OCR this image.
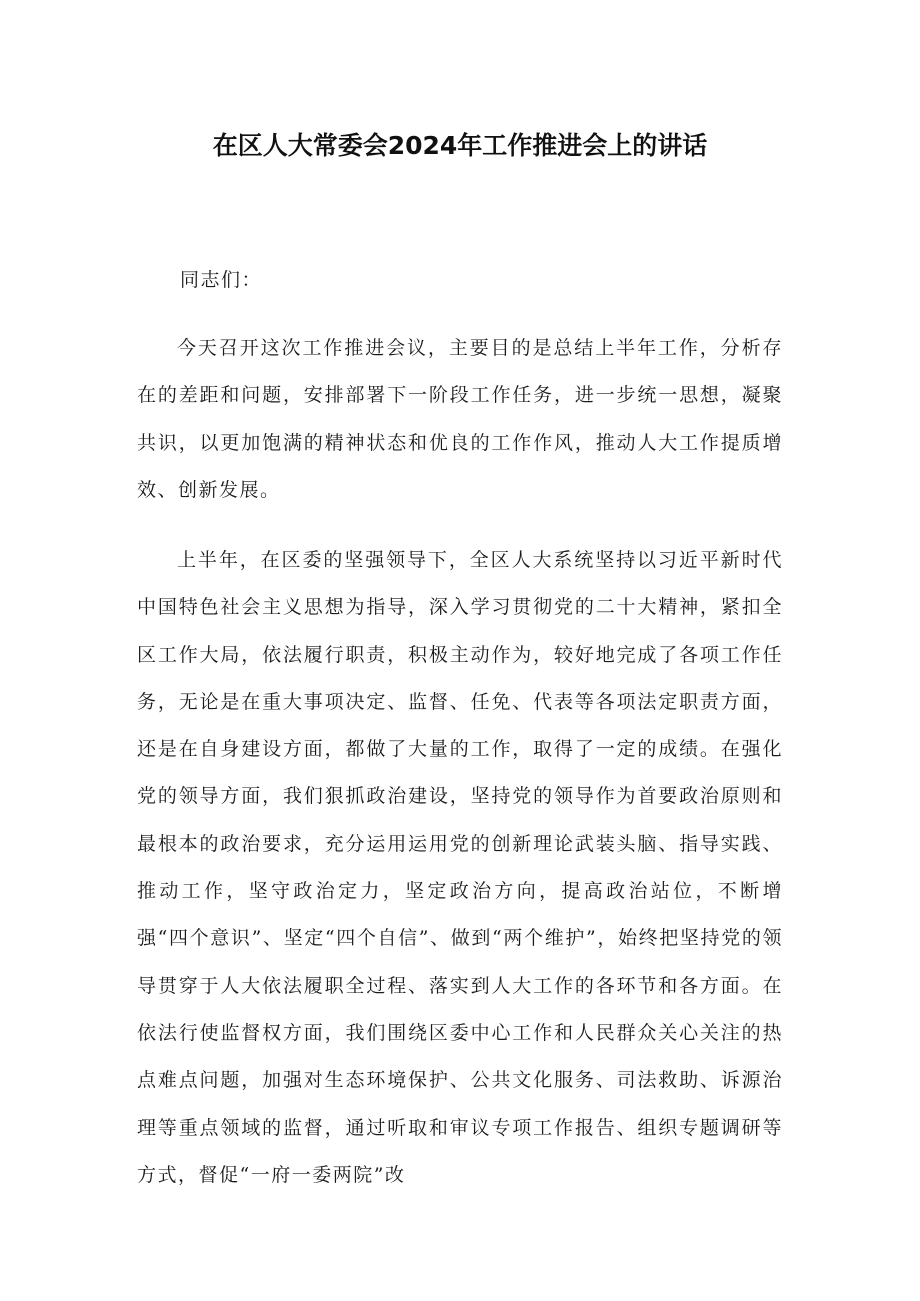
在区人大常委会2024年工作推进会上的讲话
同志们：

今天召开这次工作推进会议，主要目的是总结上半年工作，分析存在的差距和问题，安排部署下一阶段工作任务，进一步统一思想，凝聚共识，以更加饱满的精神状态和优良的工作作风，推动人大工作提质增效、创新发展。

上半年，在区委的坚强领导下，全区人大系统坚持以习近平新时代中国特色社会主义思想为指导，深入学习贯彻党的二十大精神，紧扣全区工作大局，依法履行职责，积极主动作为，较好地完成了各项工作任务，无论是在重大事项决定、监督、任免、代表等各项法定职责方面，还是在自身建设方面，都做了大量的工作，取得了一定的成绩。在强化党的领导方面，我们狠抓政治建设，坚持党的领导作为首要政治原则和最根本的政治要求，充分运用运用党的创新理论武装头脑、指导实践、推动工作，坚守政治定力，坚定政治方向，提高政治站位，不断增强“四个意识”、坚定“四个自信”、做到“两个维护”，始终把坚持党的领导贯穿于人大依法履职全过程、落实到人大工作的各环节和各方面。在依法行使监督权方面，我们围绕区委中心工作和人民群众关心关注的热点难点问题，加强对生态环境保护、公共文化服务、司法救助、诉源治理等重点领域的监督，通过听取和审议专项工作报告、组织专题调研等方式，督促“一府一委两院”改
